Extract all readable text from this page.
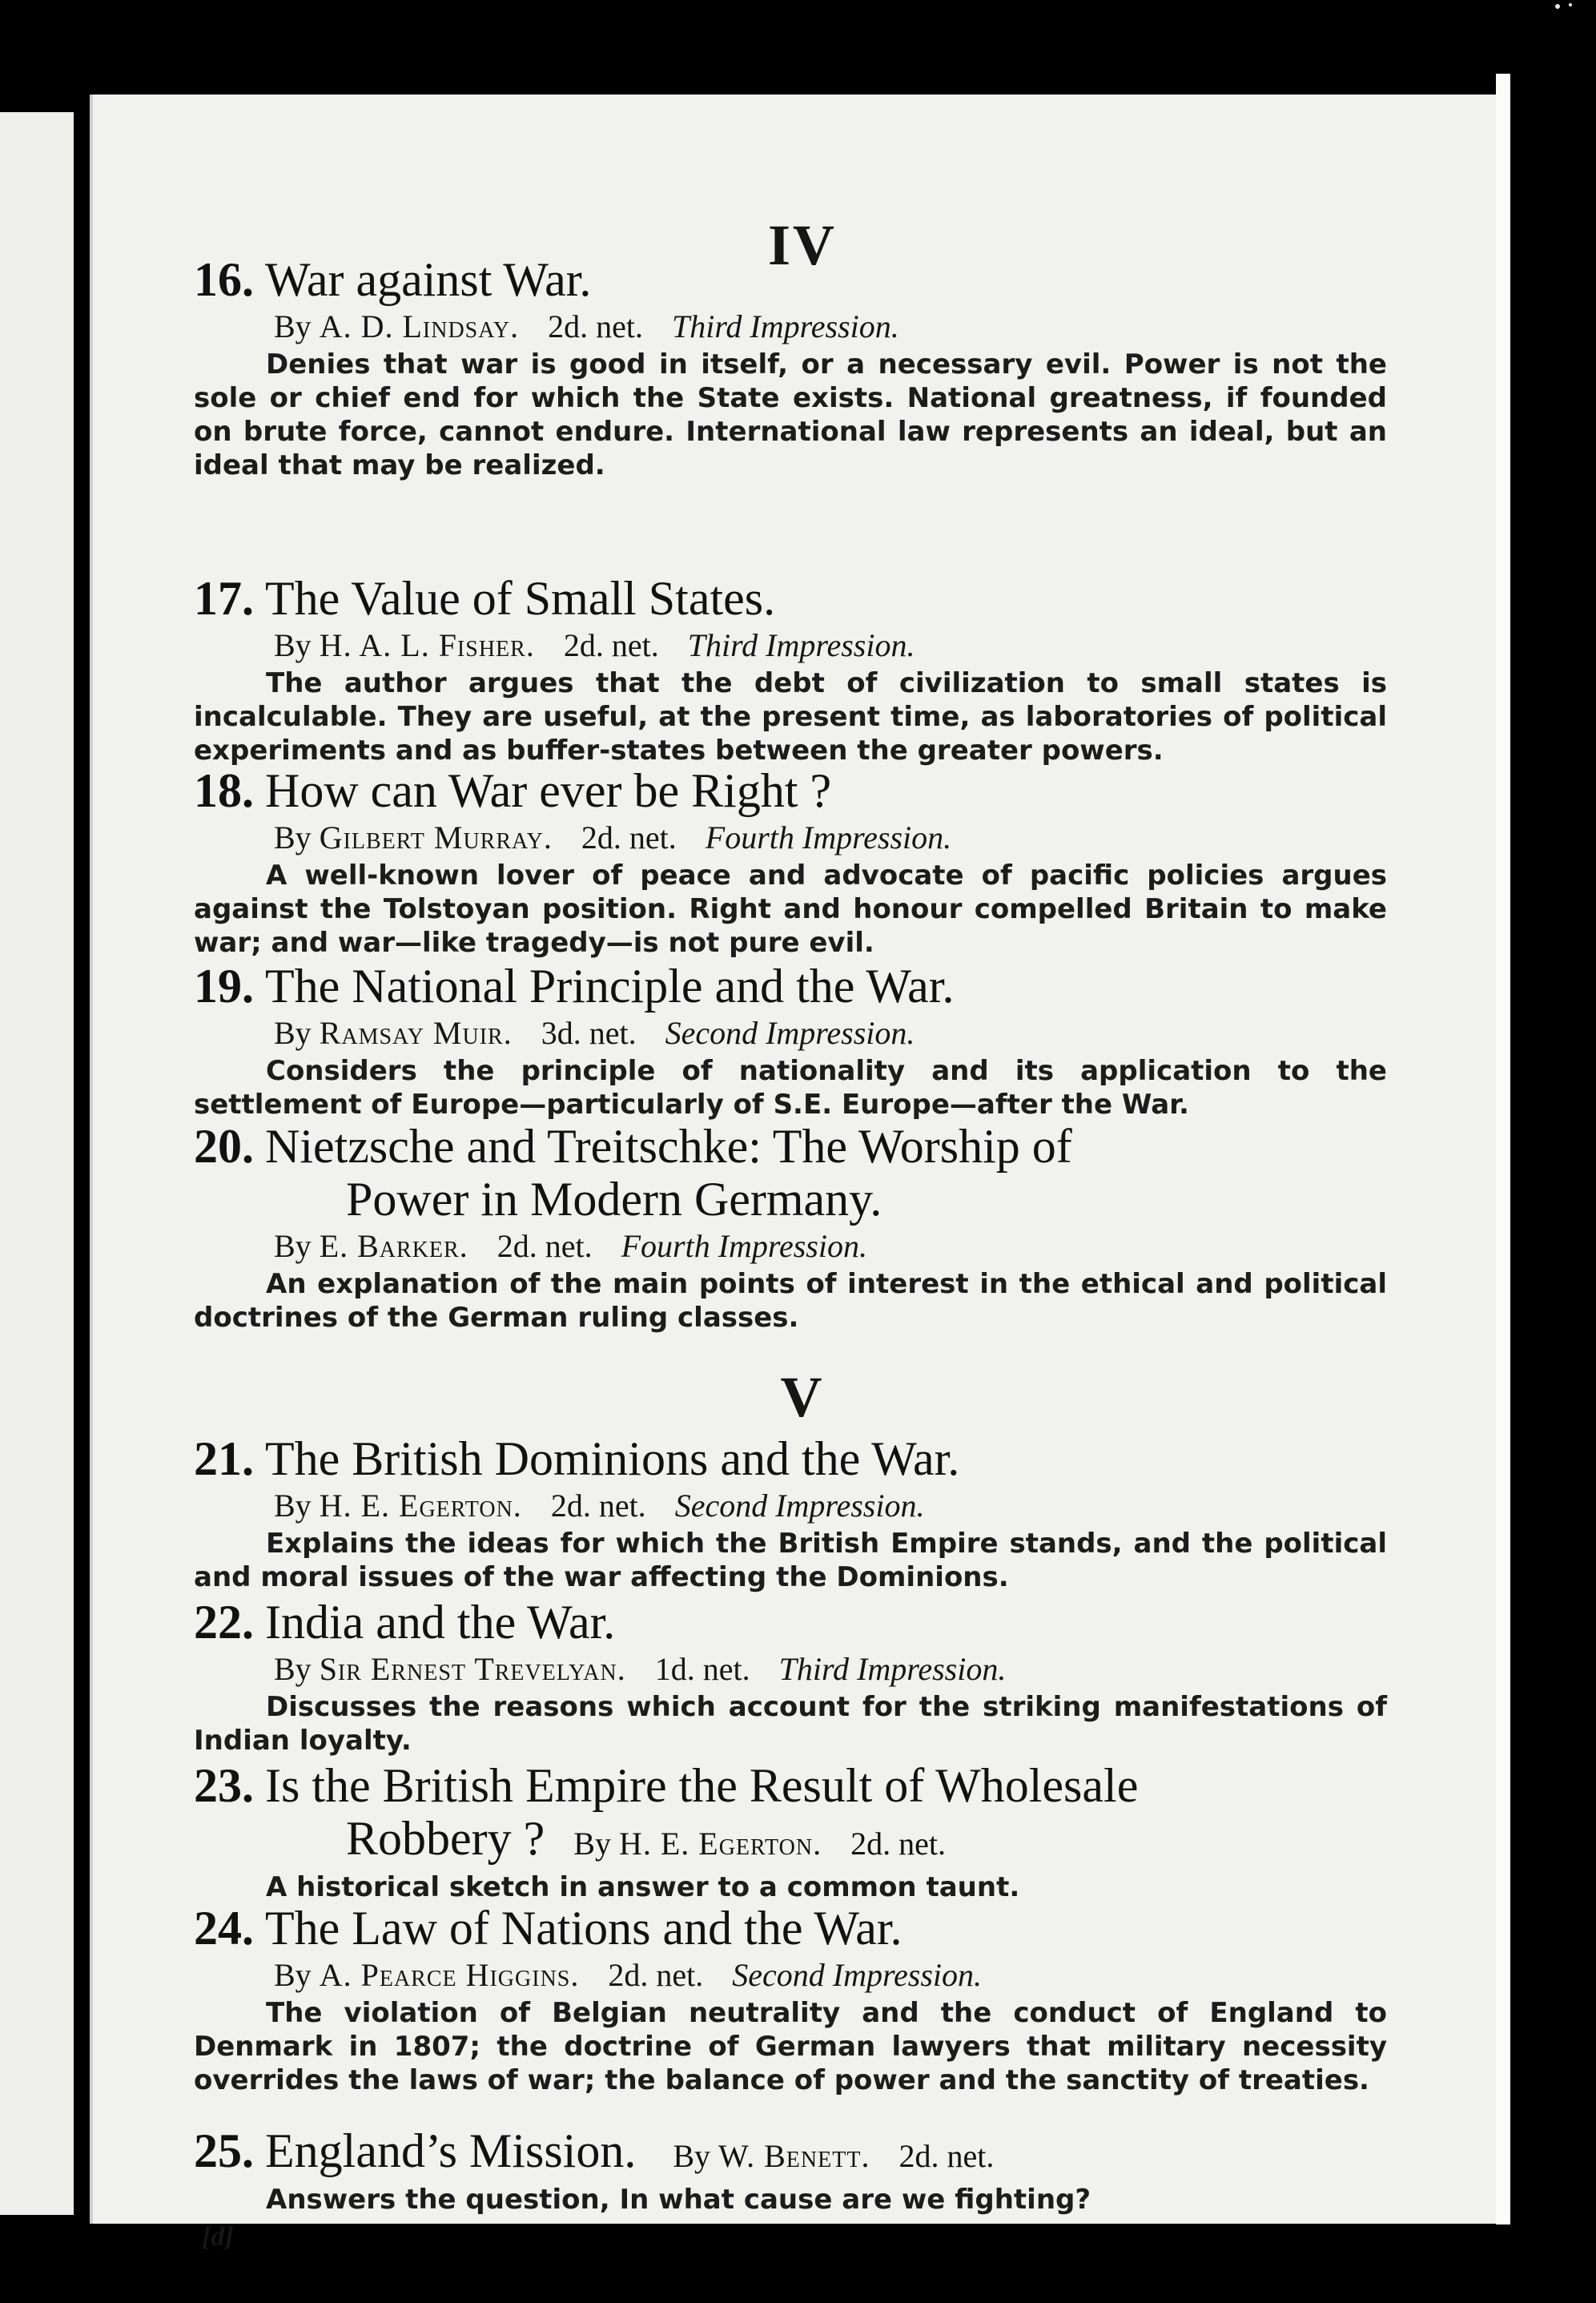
IV
16. War against War.
By A. D. Lindsay. 2d. net. Third Impression.

Denies that war is good in itself, or a necessary evil. Power is not the sole or chief end for which the State exists. National greatness, if founded on brute force, cannot endure. International law represents an ideal, but an ideal that may be realized.

17. The Value of Small States.
By H. A. L. Fisher. 2d. net. Third Impression.

The author argues that the debt of civilization to small states is incalculable. They are useful, at the present time, as laboratories of political experiments and as buffer-states between the greater powers.

18. How can War ever be Right ?
By Gilbert Murray. 2d. net. Fourth Impression.

A well-known lover of peace and advocate of pacific policies argues against the Tolstoyan position. Right and honour compelled Britain to make war; and war—like tragedy—is not pure evil.

19. The National Principle and the War.
By Ramsay Muir. 3d. net. Second Impression.

Considers the principle of nationality and its application to the settlement of Europe—particularly of S.E. Europe—after the War.

20. Nietzsche and Treitschke: The Worship of
Power in Modern Germany.
By E. Barker. 2d. net. Fourth Impression.

An explanation of the main points of interest in the ethical and political doctrines of the German ruling classes.

V
21. The British Dominions and the War.
By H. E. Egerton. 2d. net. Second Impression.

Explains the ideas for which the British Empire stands, and the political and moral issues of the war affecting the Dominions.

22. India and the War.
By Sir Ernest Trevelyan. 1d. net. Third Impression.

Discusses the reasons which account for the striking manifestations of Indian loyalty.

23. Is the British Empire the Result of Wholesale
Robbery ? By H. E. Egerton. 2d. net.

A historical sketch in answer to a common taunt.

24. The Law of Nations and the War.
By A. Pearce Higgins. 2d. net. Second Impression.

The violation of Belgian neutrality and the conduct of England to Denmark in 1807; the doctrine of German lawyers that military necessity overrides the laws of war; the balance of power and the sanctity of treaties.

25. England’s Mission. By W. Benett. 2d. net.

Answers the question, In what cause are we fighting?

[d]
